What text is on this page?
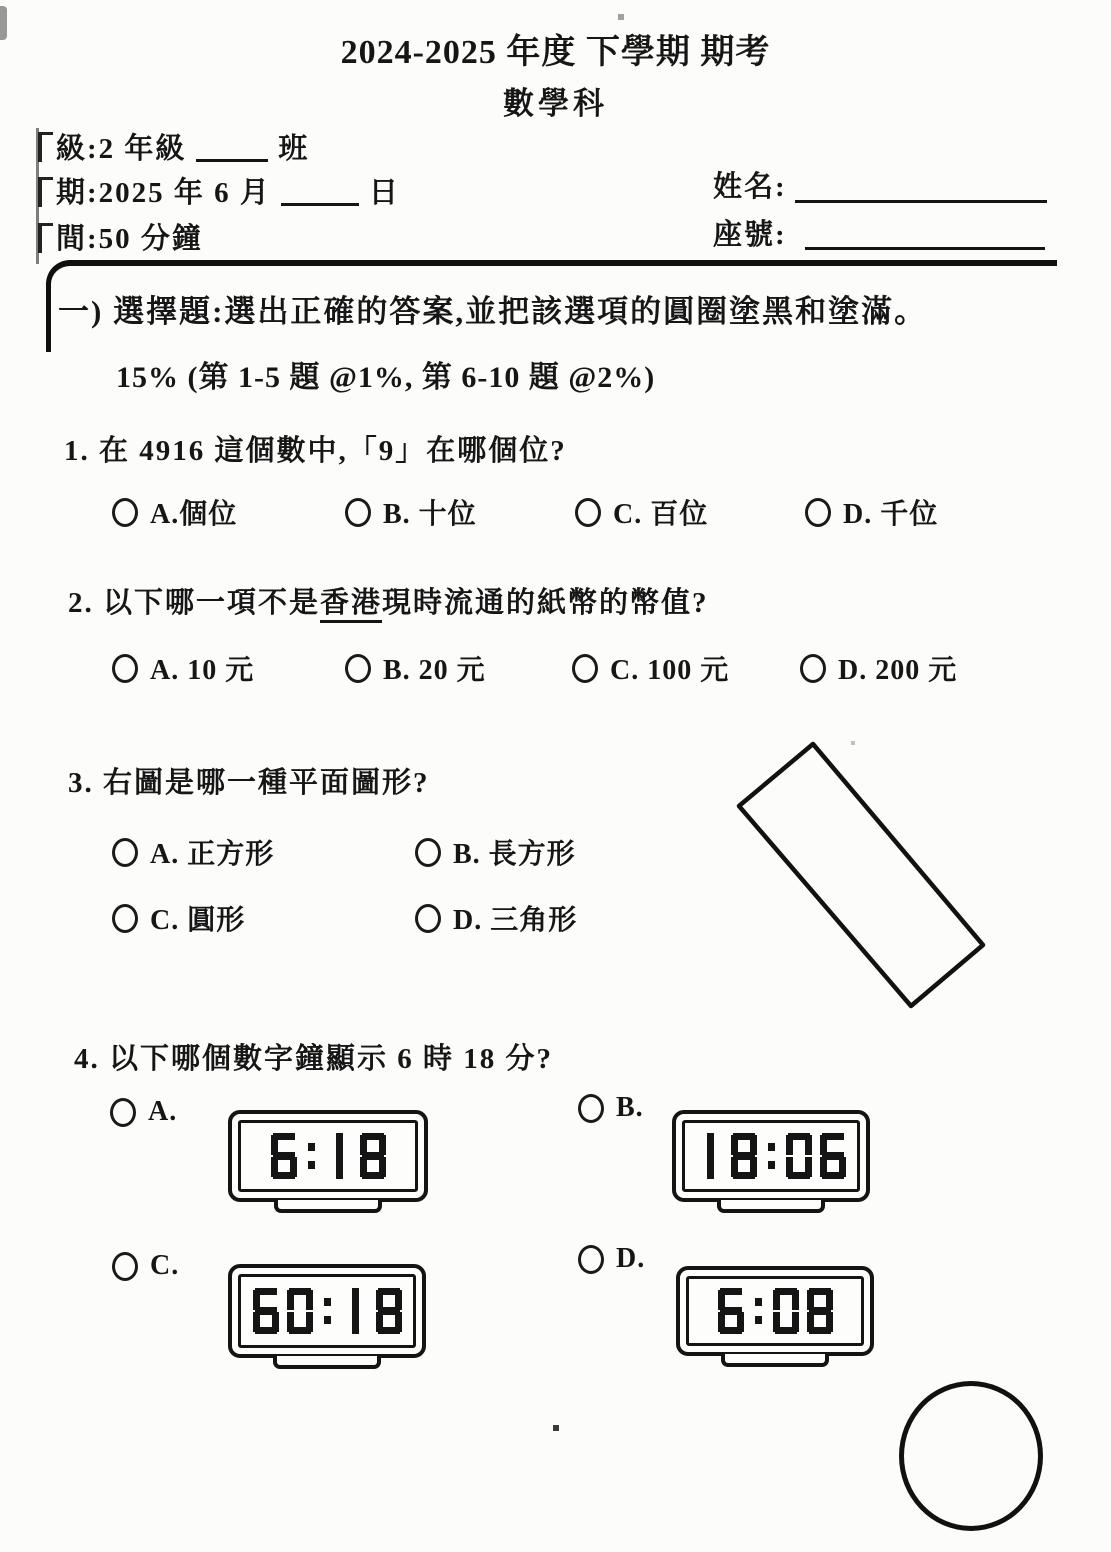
2024-2025 年度 下學期 期考
數學科
級:2 年級	班
期:2025 年 6 月	日
間:50 分鐘
姓名:
座號:
一) 選擇題:選出正確的答案,並把該選項的圓圈塗黑和塗滿。
15% (第 1-5 題 @1%, 第 6-10 題 @2%)
1. 在 4916 這個數中,「9」在哪個位?
A.個位	B. 十位	C. 百位	D. 千位
2. 以下哪一項不是香港現時流通的紙幣的幣值?
A. 10 元	B. 20 元	C. 100 元	D. 200 元
3. 右圖是哪一種平面圖形?
A. 正方形	B. 長方形
C. 圓形	D. 三角形
4. 以下哪個數字鐘顯示 6 時 18 分?
A.	B.
C.	D.
